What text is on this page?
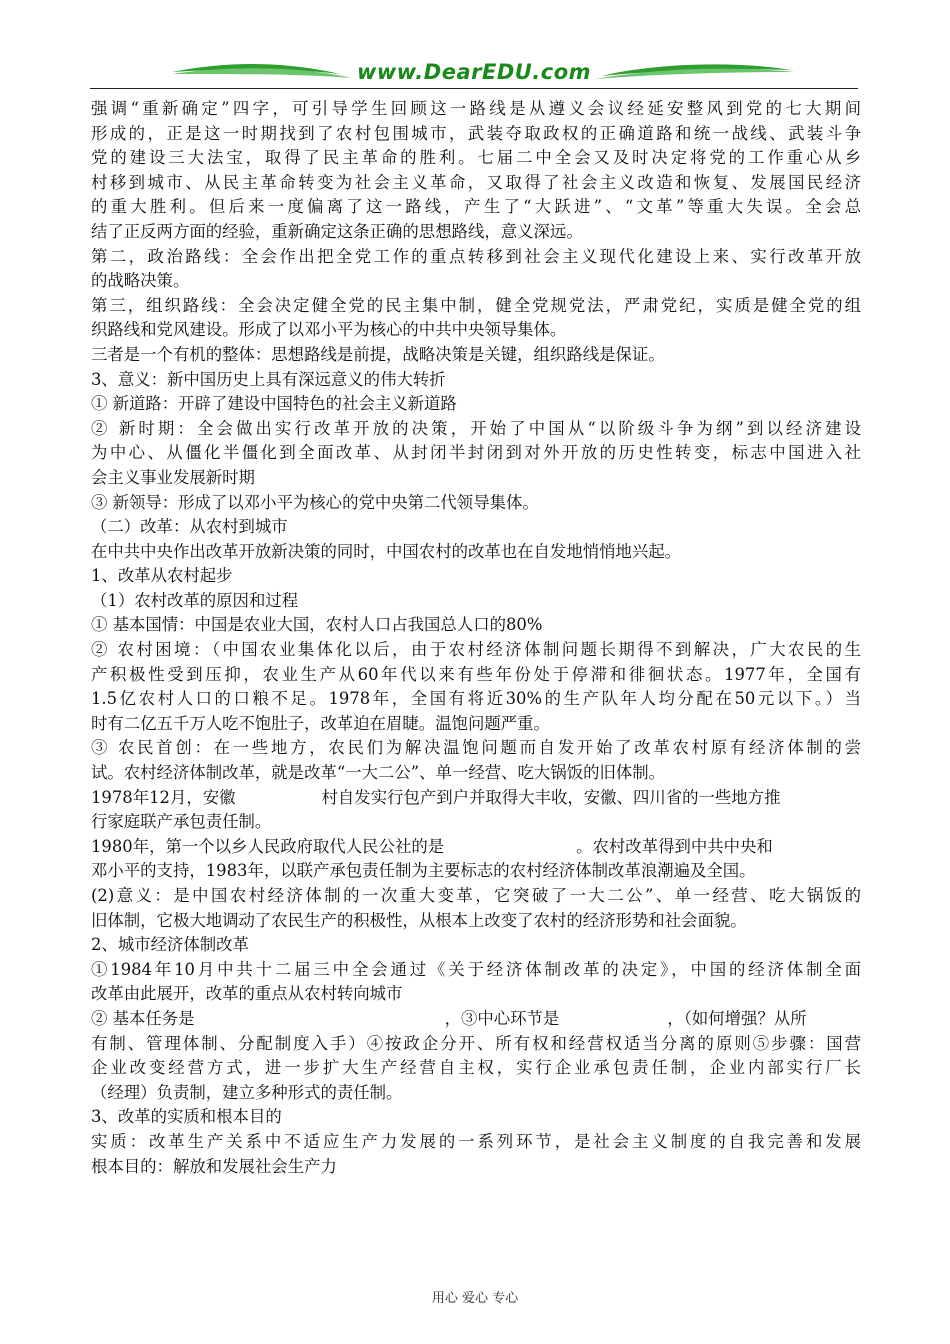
www.DearEDU.com
强调“重新确定”四字，可引导学生回顾这一路线是从遵义会议经延安整风到党的七大期间
形成的，正是这一时期找到了农村包围城市，武装夺取政权的正确道路和统一战线、武装斗争
党的建设三大法宝，取得了民主革命的胜利。七届二中全会又及时决定将党的工作重心从乡
村移到城市、从民主革命转变为社会主义革命，又取得了社会主义改造和恢复、发展国民经济
的重大胜利。但后来一度偏离了这一路线，产生了“大跃进”、“文革”等重大失误。全会总
结了正反两方面的经验，重新确定这条正确的思想路线，意义深远。
第二，政治路线：全会作出把全党工作的重点转移到社会主义现代化建设上来、实行改革开放
的战略决策。
第三，组织路线：全会决定健全党的民主集中制，健全党规党法，严肃党纪，实质是健全党的组
织路线和党风建设。形成了以邓小平为核心的中共中央领导集体。
三者是一个有机的整体：思想路线是前提，战略决策是关键，组织路线是保证。
3、意义：新中国历史上具有深远意义的伟大转折
① 新道路：开辟了建设中国特色的社会主义新道路
② 新时期：全会做出实行改革开放的决策，开始了中国从“以阶级斗争为纲”到以经济建设
为中心、从僵化半僵化到全面改革、从封闭半封闭到对外开放的历史性转变，标志中国进入社
会主义事业发展新时期
③ 新领导：形成了以邓小平为核心的党中央第二代领导集体。
（二）改革：从农村到城市
在中共中央作出改革开放新决策的同时，中国农村的改革也在自发地悄悄地兴起。
1、改革从农村起步
（1）农村改革的原因和过程
① 基本国情：中国是农业大国，农村人口占我国总人口的80%
② 农村困境：（中国农业集体化以后，由于农村经济体制问题长期得不到解决，广大农民的生
产积极性受到压抑，农业生产从60年代以来有些年份处于停滞和徘徊状态。1977年，全国有
1.5亿农村人口的口粮不足。1978年，全国有将近30%的生产队年人均分配在50元以下。）当
时有二亿五千万人吃不饱肚子，改革迫在眉睫。温饱问题严重。
③ 农民首创：在一些地方，农民们为解决温饱问题而自发开始了改革农村原有经济体制的尝
试。农村经济体制改革，就是改革“一大二公”、单一经营、吃大锅饭的旧体制。
1978年12月，安徽	村自发实行包产到户并取得大丰收，安徽、四川省的一些地方推
行家庭联产承包责任制。
1980年，第一个以乡人民政府取代人民公社的是	。农村改革得到中共中央和
邓小平的支持，1983年，以联产承包责任制为主要标志的农村经济体制改革浪潮遍及全国。
(2)意义：是中国农村经济体制的一次重大变革，它突破了一大二公”、单一经营、吃大锅饭的
旧体制，它极大地调动了农民生产的积极性，从根本上改变了农村的经济形势和社会面貌。
2、城市经济体制改革
①1984年10月中共十二届三中全会通过《关于经济体制改革的决定》，中国的经济体制全面
改革由此展开，改革的重点从农村转向城市
② 基本任务是	，③中心环节是	，（如何增强？从所
有制、管理体制、分配制度入手）④按政企分开、所有权和经营权适当分离的原则⑤步骤：国营
企业改变经营方式，进一步扩大生产经营自主权，实行企业承包责任制，企业内部实行厂长
（经理）负责制，建立多种形式的责任制。
3、改革的实质和根本目的
实质：改革生产关系中不适应生产力发展的一系列环节，是社会主义制度的自我完善和发展
根本目的：解放和发展社会生产力
用心 爱心 专心
